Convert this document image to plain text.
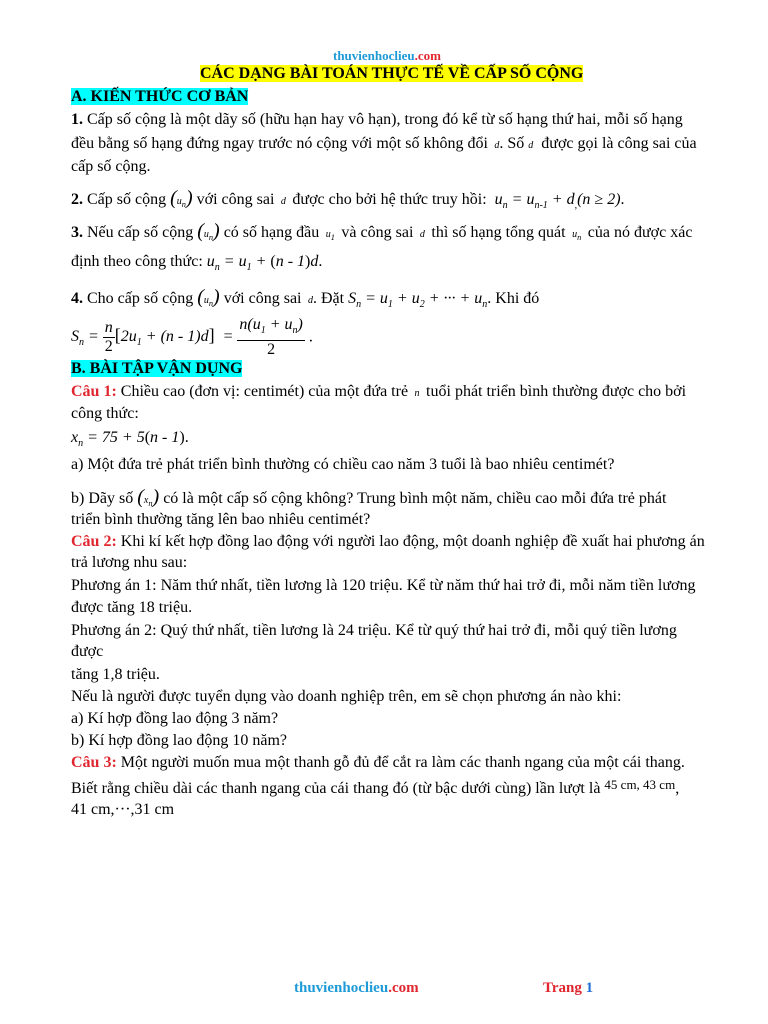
thuvienhoclieu.com
CÁC DẠNG BÀI TOÁN THỰC TẾ VỀ CẤP SỐ CỘNG
A. KIẾN THỨC CƠ BẢN
1. Cấp số cộng là một dãy số (hữu hạn hay vô hạn), trong đó kể từ số hạng thứ hai, mỗi số hạng
đều bằng số hạng đứng ngay trước nó cộng với một số không đổi  d. Số d được gọi là công sai của
cấp số cộng.
2. Cấp số cộng $(u_n)$ với công sai  d  được cho bởi hệ thức truy hồi:  $u_n = u_{n-1} + d_,(n \ge 2)$.
3. Nếu cấp số cộng $(u_n)$ có số hạng đầu  $u_1$ và công sai  d  thì số hạng tổng quát  $u_n$ của nó được xác
định theo công thức: $u_n = u_1 + (n - 1)d$.
4. Cho cấp số cộng $(u_n)$ với công sai  d. Đặt $S_n = u_1 + u_2$ + ··· + $u_n$. Khi đó
$S_n = \frac{n}{2} [2u_1 + (n - 1)d] = \frac{n(u_1 + u_n)}{2}$ .
B. BÀI TẬP VẬN DỤNG
Câu 1: Chiều cao (đơn vị: centimét) của một đứa trẻ  n  tuổi phát triển bình thường được cho bởi
công thức:
$x_n = 75 + 5(n - 1)$.
a) Một đứa trẻ phát triển bình thường có chiều cao năm 3 tuổi là bao nhiêu centimét?
b) Dãy số $(x_n)$ có là một cấp số cộng không? Trung bình một năm, chiều cao mỗi đứa trẻ phát
triển bình thường tăng lên bao nhiêu centimét?
Câu 2: Khi kí kết hợp đồng lao động với người lao động, một doanh nghiệp đề xuất hai phương án
trả lương nhu sau:
Phương án 1: Năm thứ nhất, tiền lương là 120 triệu. Kể từ năm thứ hai trở đi, mỗi năm tiền lương
được tăng 18 triệu.
Phương án 2: Quý thứ nhất, tiền lương là 24 triệu. Kể từ quý thứ hai trở đi, mỗi quý tiền lương
được
tăng 1,8 triệu.
Nếu là người được tuyển dụng vào doanh nghiệp trên, em sẽ chọn phương án nào khi:
a) Kí hợp đồng lao động 3 năm?
b) Kí hợp đồng lao động 10 năm?
Câu 3: Một người muốn mua một thanh gỗ đủ để cắt ra làm các thanh ngang của một cái thang.
Biết rằng chiều dài các thanh ngang của cái thang đó (từ bậc dưới cùng) lần lượt là $^{45 cm, 43 cm}$,
41 cm,···,31 cm
thuvienhoclieu.com	Trang 1
